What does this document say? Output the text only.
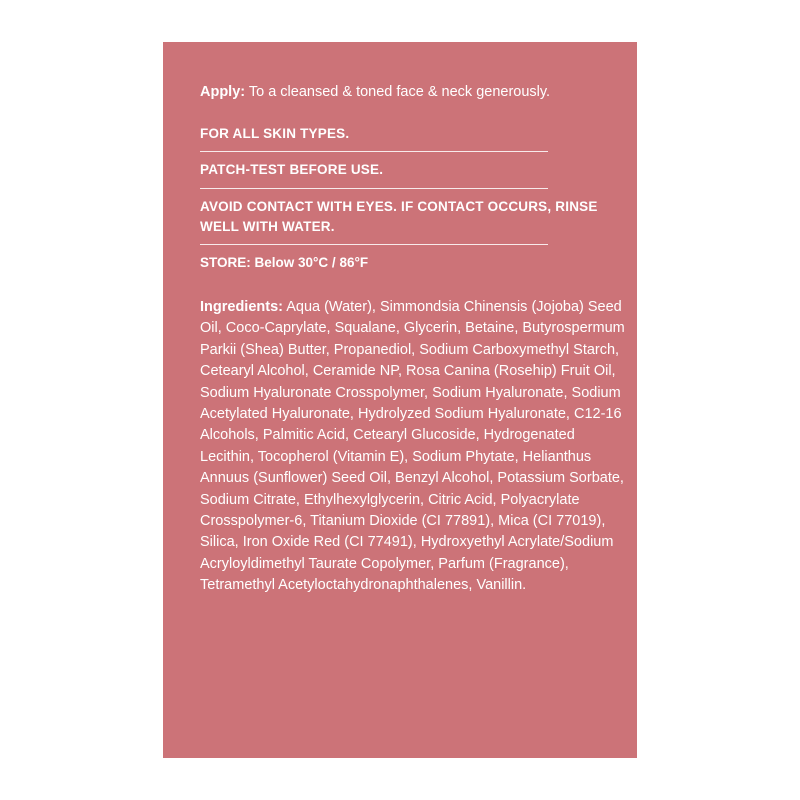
Apply: To a cleansed & toned face & neck generously.

FOR ALL SKIN TYPES.
PATCH-TEST BEFORE USE.
AVOID CONTACT WITH EYES. IF CONTACT OCCURS, RINSE WELL WITH WATER.
STORE: Below 30°C / 86°F

Ingredients: Aqua (Water), Simmondsia Chinensis (Jojoba) Seed Oil, Coco-Caprylate, Squalane, Glycerin, Betaine, Butyrospermum Parkii (Shea) Butter, Propanediol, Sodium Carboxymethyl Starch, Cetearyl Alcohol, Ceramide NP, Rosa Canina (Rosehip) Fruit Oil, Sodium Hyaluronate Crosspolymer, Sodium Hyaluronate, Sodium Acetylated Hyaluronate, Hydrolyzed Sodium Hyaluronate, C12-16 Alcohols, Palmitic Acid, Cetearyl Glucoside, Hydrogenated Lecithin, Tocopherol (Vitamin E), Sodium Phytate, Helianthus Annuus (Sunflower) Seed Oil, Benzyl Alcohol, Potassium Sorbate, Sodium Citrate, Ethylhexylglycerin, Citric Acid, Polyacrylate Crosspolymer-6, Titanium Dioxide (CI 77891), Mica (CI 77019), Silica, Iron Oxide Red (CI 77491), Hydroxyethyl Acrylate/Sodium Acryloyldimethyl Taurate Copolymer, Parfum (Fragrance), Tetramethyl Acetyloctahydronaphthalenes, Vanillin.
